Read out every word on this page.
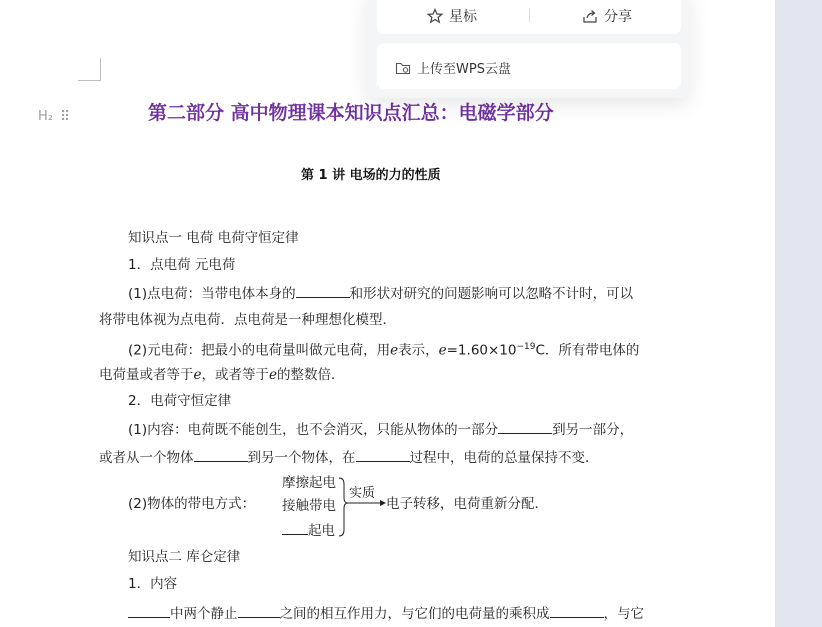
H₂ ⠿	第二部分 高中物理课本知识点汇总：电磁学部分
第 1 讲 电场的力的性质
知识点一 电荷 电荷守恒定律
1．点电荷 元电荷
(1)点电荷：当带电体本身的	和形状对研究的问题影响可以忽略不计时，可以
将带电体视为点电荷．点电荷是一种理想化模型．
(2)元电荷：把最小的电荷量叫做元电荷，用e表示，$e=1.60\times 10^{-19}C$．所有带电体的
电荷量或者等于e，或者等于e的整数倍．
2．电荷守恒定律
(1)内容：电荷既不能创生，也不会消灭，只能从物体的一部分	到另一部分，
或者从一个物体	到另一个物体，在	过程中，电荷的总量保持不变．
(2)物体的带电方式：
摩擦起电
接触带电
起电
实质
电子转移，电荷重新分配．
知识点二 库仑定律
1．内容
中两个静止	之间的相互作用力，与它们的电荷量的乘积成	，与它
星标	分享
上传至WPS云盘
